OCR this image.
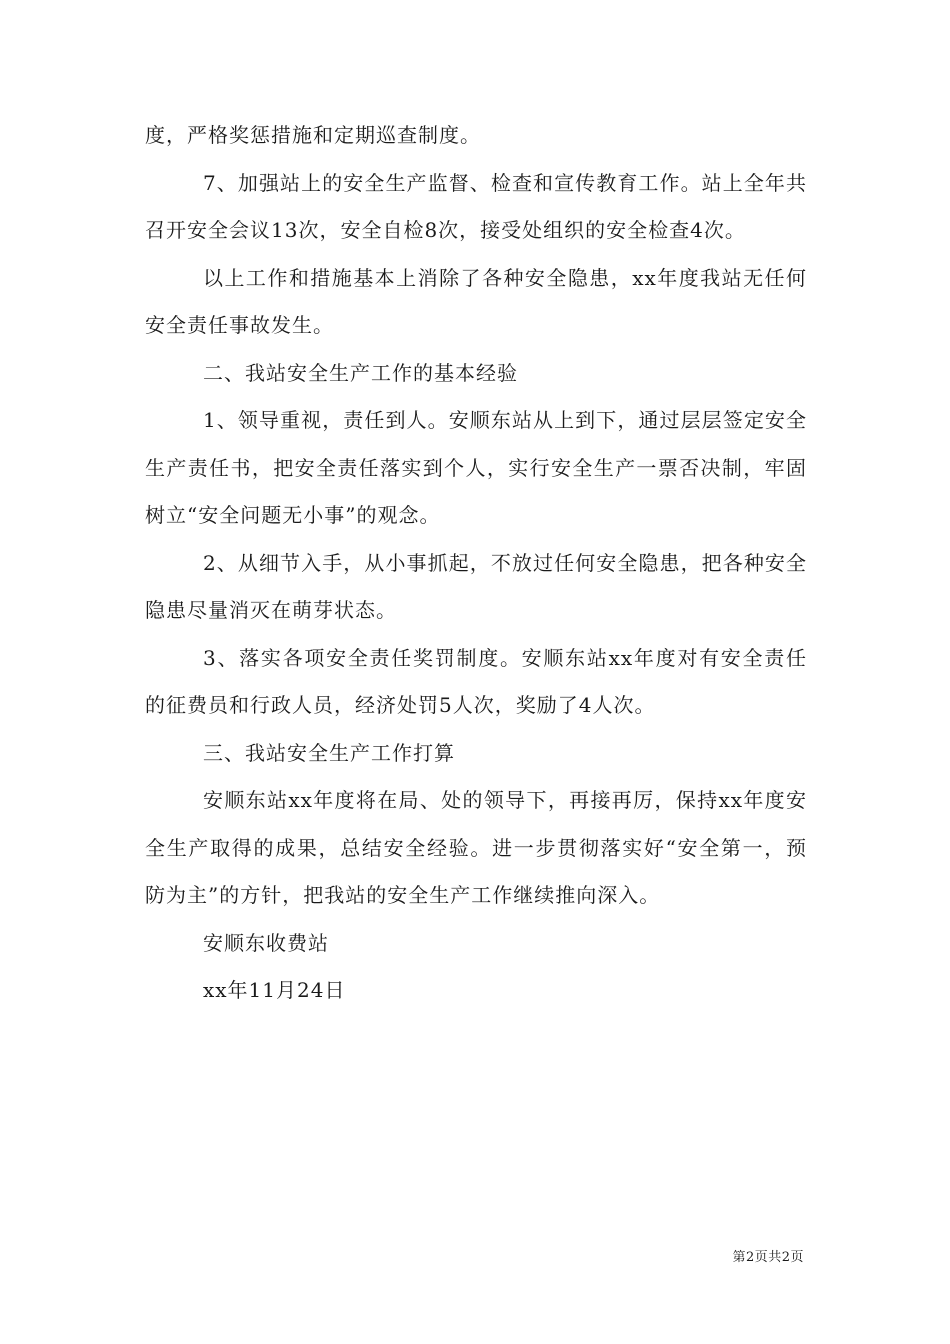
度，严格奖惩措施和定期巡查制度。

7、加强站上的安全生产监督、检查和宣传教育工作。站上全年共召开安全会议13次，安全自检8次，接受处组织的安全检查4次。

以上工作和措施基本上消除了各种安全隐患，xx年度我站无任何安全责任事故发生。

二、我站安全生产工作的基本经验

1、领导重视，责任到人。安顺东站从上到下，通过层层签定安全生产责任书，把安全责任落实到个人，实行安全生产一票否决制，牢固树立“安全问题无小事”的观念。

2、从细节入手，从小事抓起，不放过任何安全隐患，把各种安全隐患尽量消灭在萌芽状态。

3、落实各项安全责任奖罚制度。安顺东站xx年度对有安全责任的征费员和行政人员，经济处罚5人次，奖励了4人次。

三、我站安全生产工作打算

安顺东站xx年度将在局、处的领导下，再接再厉，保持xx年度安全生产取得的成果，总结安全经验。进一步贯彻落实好“安全第一，预防为主”的方针，把我站的安全生产工作继续推向深入。

安顺东收费站

xx年11月24日

第2页共2页
